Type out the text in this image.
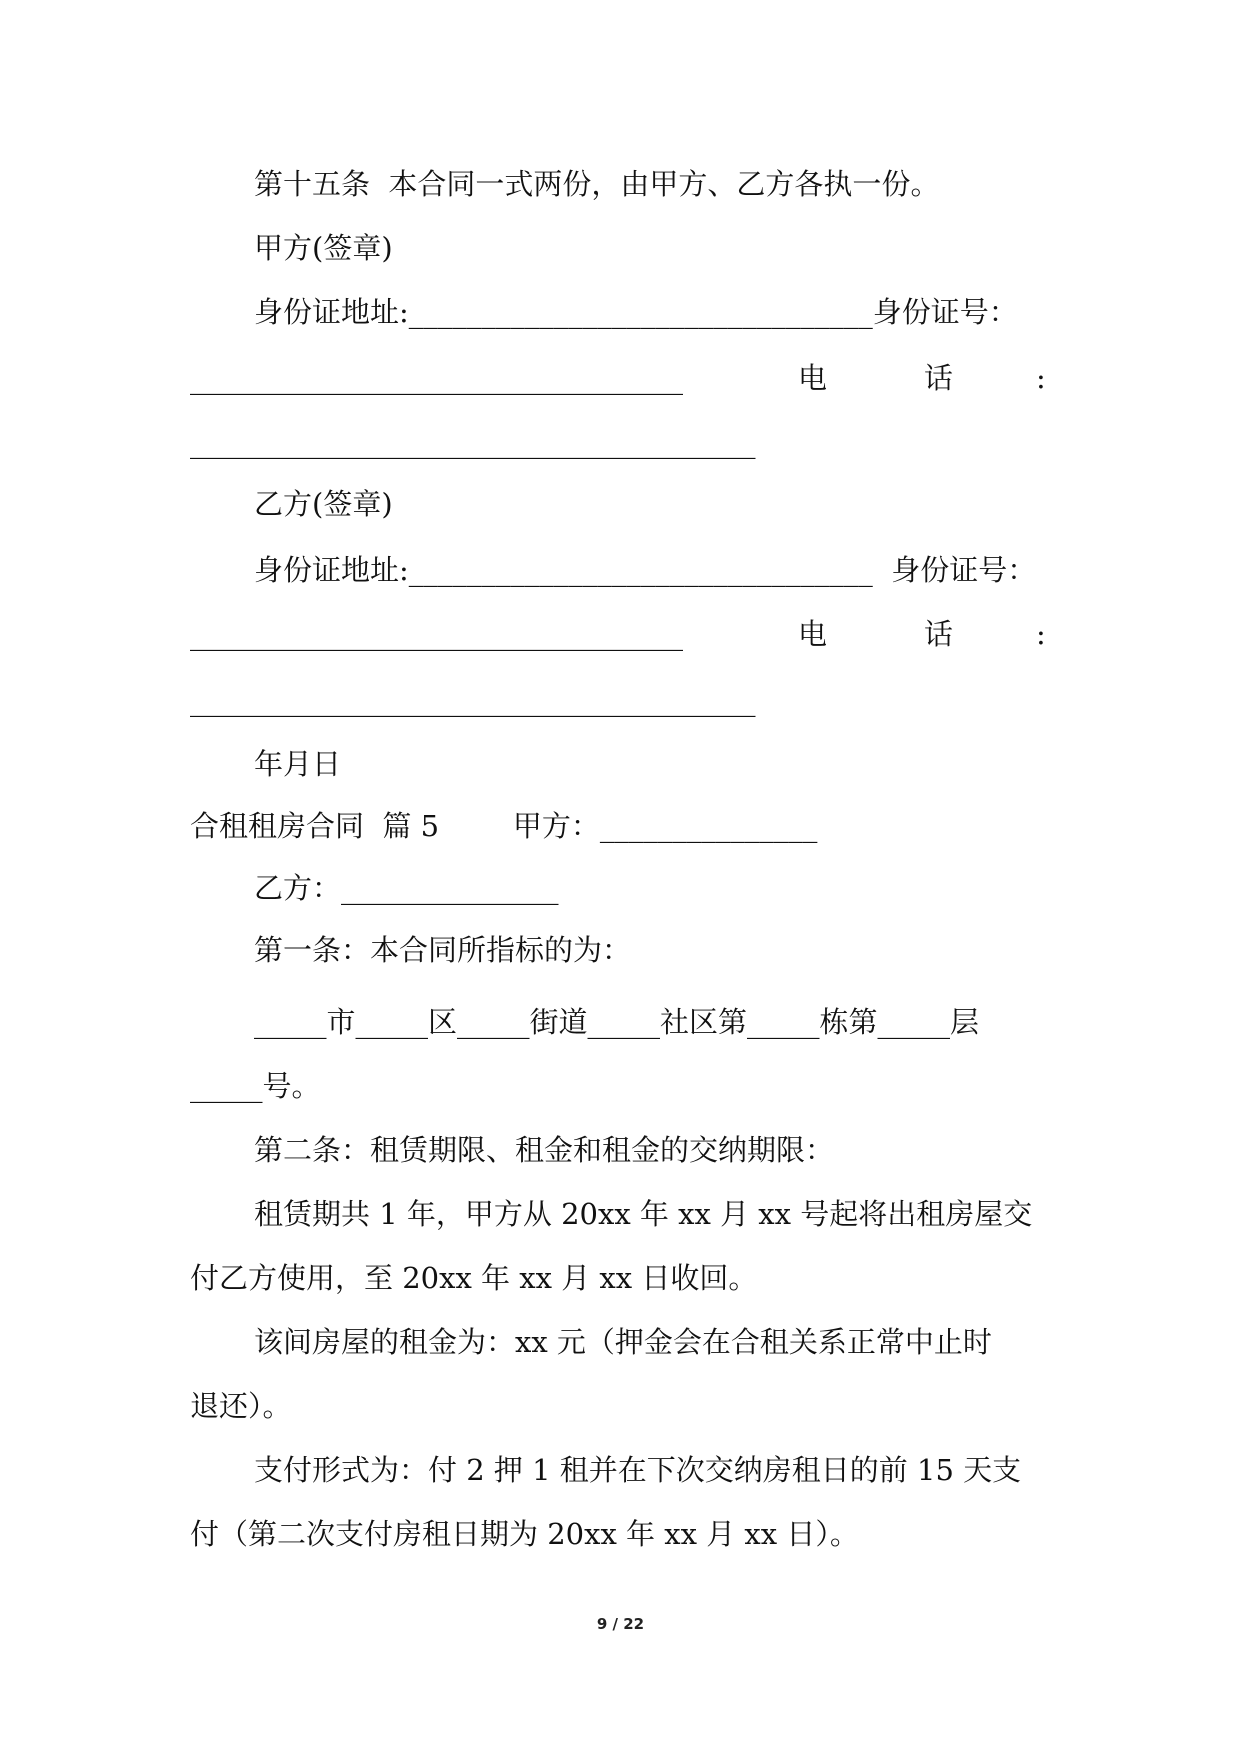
第十五条  本合同一式两份，由甲方、乙方各执一份。

甲方(签章)

身份证地址:________________________________身份证号：

__________________________________

	电

	话

	:

_______________________________________

乙方(签章)

身份证地址:________________________________  身份证号：

__________________________________

	电

	话

	:

_______________________________________

年月日

合租租房合同  篇 5        甲方：_______________

乙方：_______________

第一条：本合同所指标的为：

_____市_____区_____街道_____社区第_____栋第_____层

_____号。

第二条：租赁期限、租金和租金的交纳期限：

租赁期共 1 年，甲方从 20xx 年 xx 月 xx 号起将出租房屋交

付乙方使用，至 20xx 年 xx 月 xx 日收回。

该间房屋的租金为：xx 元（押金会在合租关系正常中止时

退还）。

支付形式为：付 2 押 1 租并在下次交纳房租日的前 15 天支

付（第二次支付房租日期为 20xx 年 xx 月 xx 日）。

9 / 22
